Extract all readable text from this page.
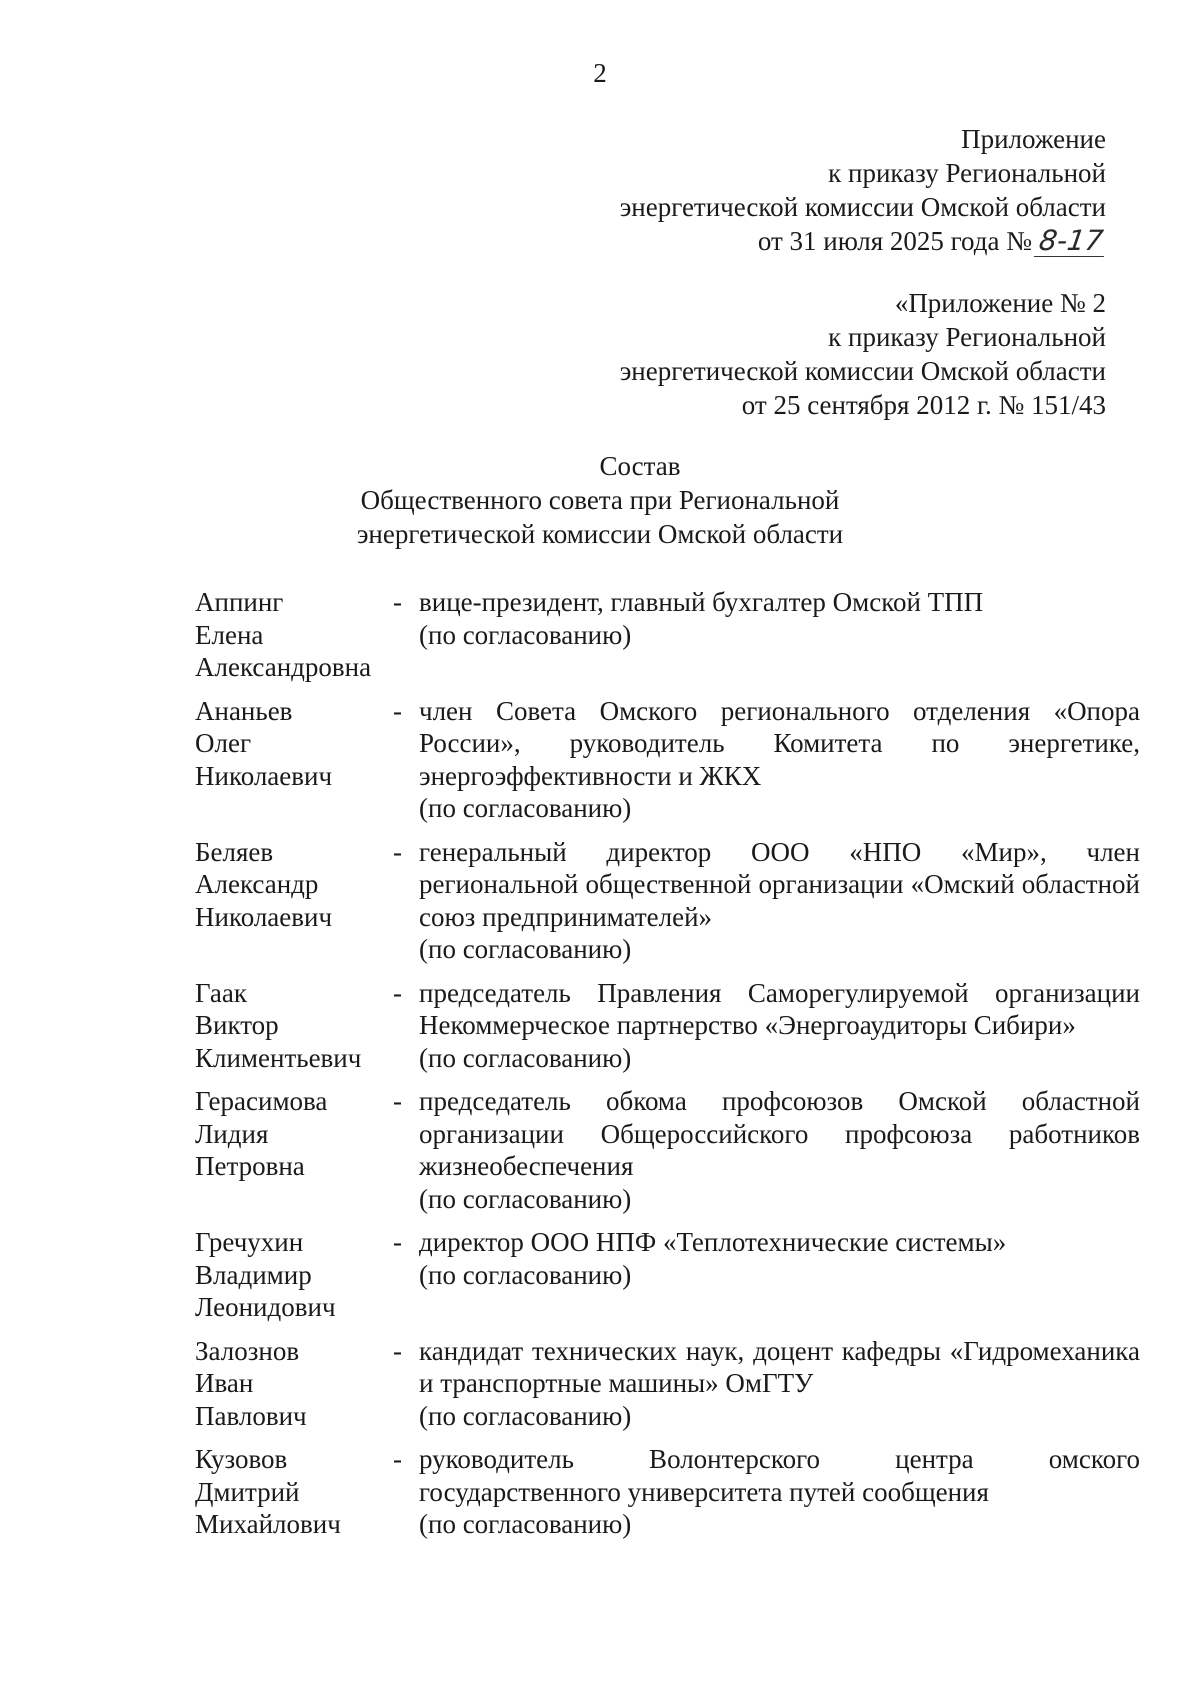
2
Приложение
к приказу Региональной
энергетической комиссии Омской области
от 31 июля 2025 года № 8-17
«Приложение № 2
к приказу Региональной
энергетической комиссии Омской области
от 25 сентября 2012 г. № 151/43
Состав
Общественного совета при Региональной
энергетической комиссии Омской области
Аппинг
Елена
Александровна
- вице-президент, главный бухгалтер Омской ТПП
(по согласованию)
Ананьев
Олег
Николаевич
- член Совета Омского регионального отделения «Опора России», руководитель Комитета по энергетике, энергоэффективности и ЖКХ
(по согласованию)
Беляев
Александр
Николаевич
- генеральный директор ООО «НПО «Мир», член региональной общественной организации «Омский областной союз предпринимателей»
(по согласованию)
Гаак
Виктор
Климентьевич
- председатель Правления Саморегулируемой организации Некоммерческое партнерство «Энергоаудиторы Сибири»
(по согласованию)
Герасимова
Лидия
Петровна
- председатель обкома профсоюзов Омской областной организации Общероссийского профсоюза работников жизнеобеспечения
(по согласованию)
Гречухин
Владимир
Леонидович
- директор ООО НПФ «Теплотехнические системы»
(по согласованию)
Залознов
Иван
Павлович
- кандидат технических наук, доцент кафедры «Гидромеханика и транспортные машины» ОмГТУ
(по согласованию)
Кузовов
Дмитрий
Михайлович
- руководитель Волонтерского центра омского государственного университета путей сообщения
(по согласованию)
